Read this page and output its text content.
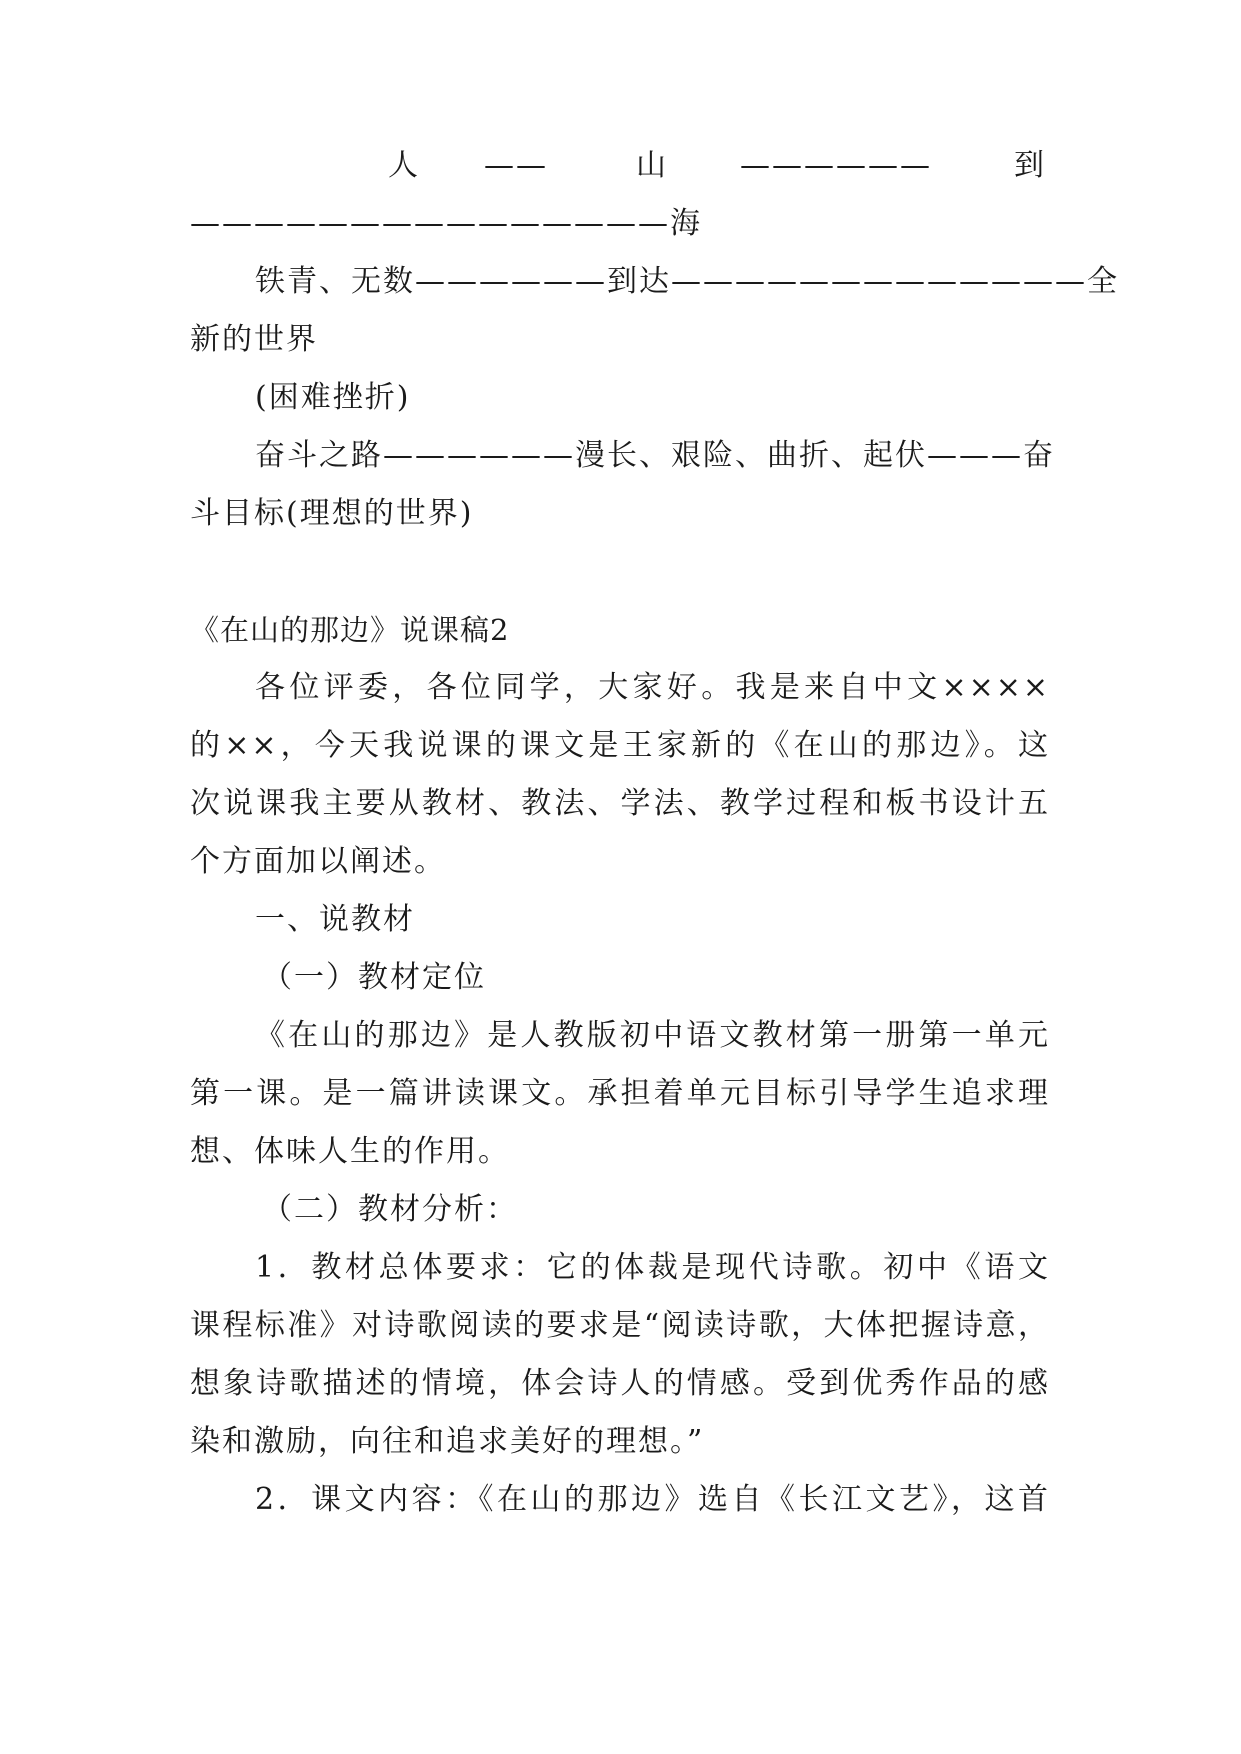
人 ——	山 ——————	到
———————————————海
铁青、无数——————到达—————————————全
新的世界
(困难挫折)
奋斗之路——————漫长、艰险、曲折、起伏———奋
斗目标(理想的世界)
《在山的那边》说课稿2
各位评委，各位同学，大家好。我是来自中文××××
的××，今天我说课的课文是王家新的《在山的那边》。这
次说课我主要从教材、教法、学法、教学过程和板书设计五
个方面加以阐述。
一、说教材
（一）教材定位
《在山的那边》是人教版初中语文教材第一册第一单元
第一课。是一篇讲读课文。承担着单元目标引导学生追求理
想、体味人生的作用。
（二）教材分析：
1．教材总体要求：它的体裁是现代诗歌。初中《语文
课程标准》对诗歌阅读的要求是“阅读诗歌，大体把握诗意，
想象诗歌描述的情境，体会诗人的情感。受到优秀作品的感
染和激励，向往和追求美好的理想。”
2．课文内容：《在山的那边》选自《长江文艺》，这首
